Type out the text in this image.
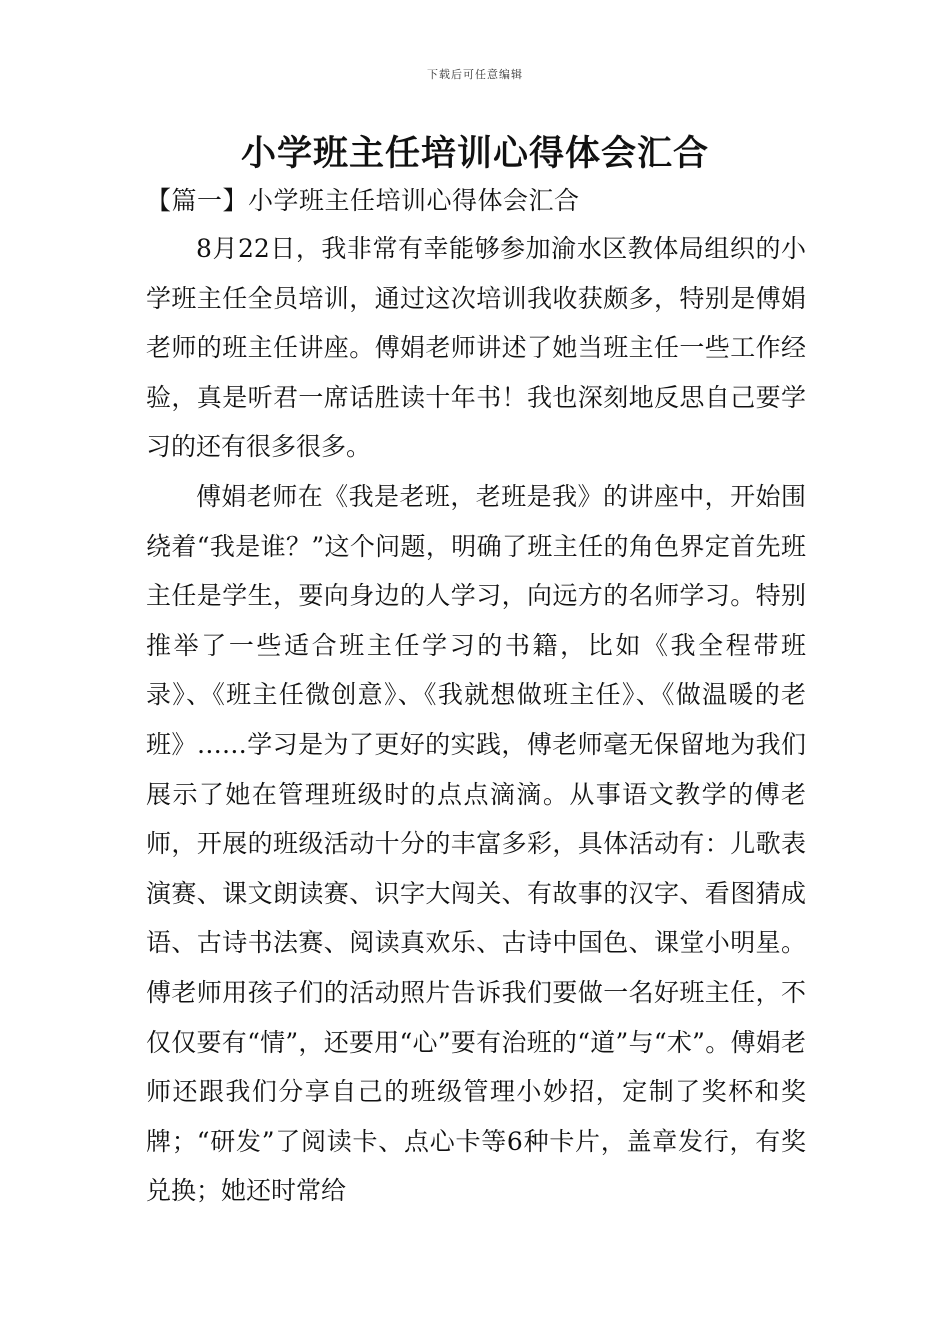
下载后可任意编辑
小学班主任培训心得体会汇合
【篇一】小学班主任培训心得体会汇合

8月22日，我非常有幸能够参加渝水区教体局组织的小学班主任全员培训，通过这次培训我收获颇多，特别是傅娟老师的班主任讲座。傅娟老师讲述了她当班主任一些工作经验，真是听君一席话胜读十年书！我也深刻地反思自己要学习的还有很多很多。

傅娟老师在《我是老班，老班是我》的讲座中，开始围绕着“我是谁？”这个问题，明确了班主任的角色界定首先班主任是学生，要向身边的人学习，向远方的名师学习。特别推举了一些适合班主任学习的书籍，比如《我全程带班录》、《班主任微创意》、《我就想做班主任》、《做温暖的老班》……学习是为了更好的实践，傅老师毫无保留地为我们展示了她在管理班级时的点点滴滴。从事语文教学的傅老师，开展的班级活动十分的丰富多彩，具体活动有：儿歌表演赛、课文朗读赛、识字大闯关、有故事的汉字、看图猜成语、古诗书法赛、阅读真欢乐、古诗中国色、课堂小明星。傅老师用孩子们的活动照片告诉我们要做一名好班主任，不仅仅要有“情”，还要用“心”要有治班的“道”与“术”。傅娟老师还跟我们分享自己的班级管理小妙招，定制了奖杯和奖牌；“研发”了阅读卡、点心卡等6种卡片，盖章发行，有奖兑换；她还时常给
